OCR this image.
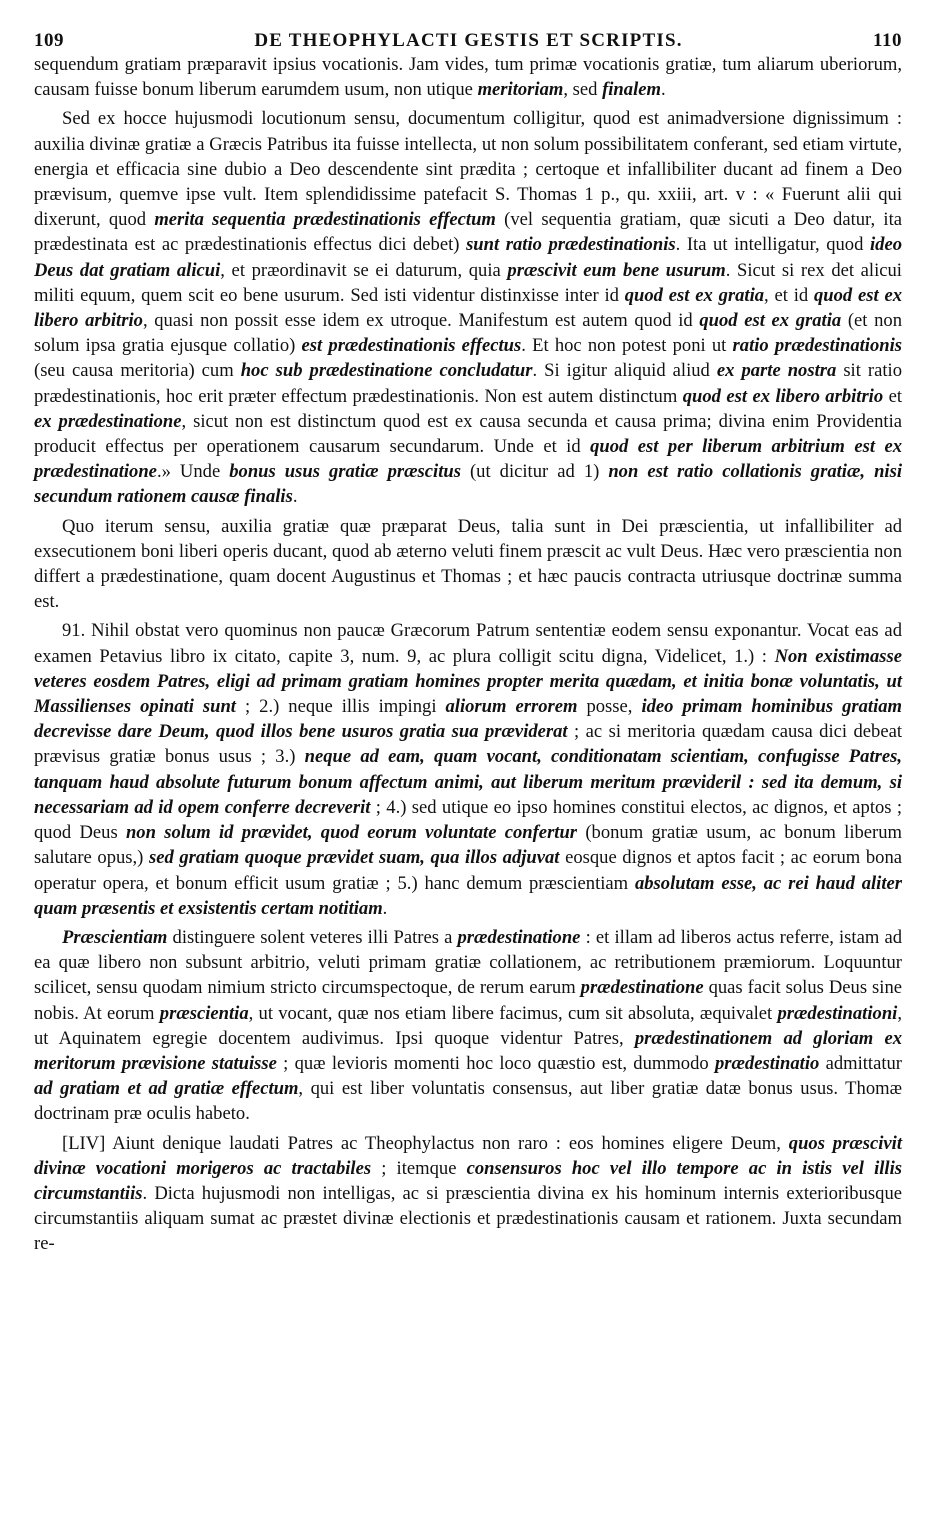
109	DE THEOPHYLACTI GESTIS ET SCRIPTIS.	110

sequendum gratiam præparavit ipsius vocationis. Jam vides, tum primæ vocationis gratiæ, tum aliarum uberiorum, causam fuisse bonum liberum earumdem usum, non utique meritoriam, sed finalem.

Sed ex hocce hujusmodi locutionum sensu, documentum colligitur, quod est animadversione dignissimum : auxilia divinæ gratiæ a Græcis Patribus ita fuisse intellecta, ut non solum possibilitatem conferant, sed etiam virtute, energia et efficacia sine dubio a Deo descendente sint prædita ; certoque et infallibiliter ducant ad finem a Deo prævisum, quemve ipse vult. Item splendidissime patefacit S. Thomas 1 p., qu. xxiii, art. v : « Fuerunt alii qui dixerunt, quod merita sequentia prædestinationis effectum (vel sequentia gratiam, quæ sicuti a Deo datur, ita prædestinata est ac prædestinationis effectus dici debet) sunt ratio prædestinationis. Ita ut intelligatur, quod ideo Deus dat gratiam alicui, et præordinavit se ei daturum, quia præscivit eum bene usurum. Sicut si rex det alicui militi equum, quem scit eo bene usurum. Sed isti videntur distinxisse inter id quod est ex gratia, et id quod est ex libero arbitrio, quasi non possit esse idem ex utroque. Manifestum est autem quod id quod est ex gratia (et non solum ipsa gratia ejusque collatio) est prædestinationis effectus. Et hoc non potest poni ut ratio prædestinationis (seu causa meritoria) cum hoc sub prædestinatione concludatur. Si igitur aliquid aliud ex parte nostra sit ratio prædestinationis, hoc erit præter effectum prædestinationis. Non est autem distinctum quod est ex libero arbitrio et ex prædestinatione, sicut non est distinctum quod est ex causa secunda et causa prima; divina enim Providentia producit effectus per operationem causarum secundarum. Unde et id quod est per liberum arbitrium est ex prædestinatione.» Unde bonus usus gratiæ præscitus (ut dicitur ad 1) non est ratio collationis gratiæ, nisi secundum rationem causæ finalis.

Quo iterum sensu, auxilia gratiæ quæ præparat Deus, talia sunt in Dei præscientia, ut infallibiliter ad exsecutionem boni liberi operis ducant, quod ab æterno veluti finem præscit ac vult Deus. Hæc vero præscientia non differt a prædestinatione, quam docent Augustinus et Thomas ; et hæc paucis contracta utriusque doctrinæ summa est.

91. Nihil obstat vero quominus non paucæ Græcorum Patrum sententiæ eodem sensu exponantur. Vocat eas ad examen Petavius libro ix citato, capite 3, num. 9, ac plura colligit scitu digna, Videlicet, 1.) : Non existimasse veteres eosdem Patres, eligi ad primam gratiam homines propter merita quædam, et initia bonæ voluntatis, ut Massilienses opinati sunt ; 2.) neque illis impingi aliorum errorem posse, ideo primam hominibus gratiam decrevisse dare Deum, quod illos bene usuros gratia sua præviderat ; ac si meritoria quædam causa dici debeat prævisus gratiæ bonus usus ; 3.) neque ad eam, quam vocant, conditionatam scientiam, confugisse Patres, tanquam haud absolute futurum bonum affectum animi, aut liberum meritum prævideril : sed ita demum, si necessariam ad id opem conferre decreverit ; 4.) sed utique eo ipso homines constitui electos, ac dignos, et aptos ; quod Deus non solum id prævidet, quod eorum voluntate confertur (bonum gratiæ usum, ac bonum liberum salutare opus,) sed gratiam quoque prævidet suam, qua illos adjuvat eosque dignos et aptos facit ; ac eorum bona operatur opera, et bonum efficit usum gratiæ ; 5.) hanc demum præscientiam absolutam esse, ac rei haud aliter quam præsentis et exsistentis certam notitiam.

Præscientiam distinguere solent veteres illi Patres a prædestinatione : et illam ad liberos actus referre, istam ad ea quæ libero non subsunt arbitrio, veluti primam gratiæ collationem, ac retributionem præmiorum. Loquuntur scilicet, sensu quodam nimium stricto circumspectoque, de rerum earum prædestinatione quas facit solus Deus sine nobis. At eorum præscientia, ut vocant, quæ nos etiam libere facimus, cum sit absoluta, æquivalet prædestinationi, ut Aquinatem egregie docentem audivimus. Ipsi quoque videntur Patres, prædestinationem ad gloriam ex meritorum prævisione statuisse ; quæ levioris momenti hoc loco quæstio est, dummodo prædestinatio admittatur ad gratiam et ad gratiæ effectum, qui est liber voluntatis consensus, aut liber gratiæ datæ bonus usus. Thomæ doctrinam præ oculis habeto.

[LIV] Aiunt denique laudati Patres ac Theophylactus non raro : eos homines eligere Deum, quos præscivit divinæ vocationi morigeros ac tractabiles ; itemque consensuros hoc vel illo tempore ac in istis vel illis circumstantiis. Dicta hujusmodi non intelligas, ac si præscientia divina ex his hominum internis exterioribusque circumstantiis aliquam sumat ac præstet divinæ electionis et prædestinationis causam et rationem. Juxta secundam re-
